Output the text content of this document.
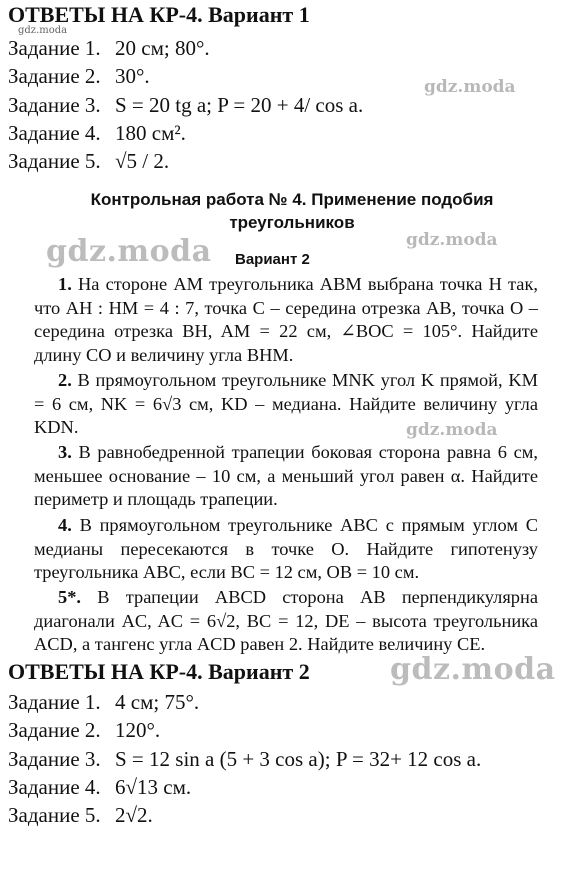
ОТВЕТЫ НА КР-4. Вариант 1
Задание 1. 20 см; 80°.
Задание 2. 30°.
Задание 3. S = 20 tg a; P = 20 + 4/ cos a.
Задание 4. 180 см².
Задание 5. √5 / 2.
Контрольная работа № 4. Применение подобия
треугольников
Вариант 2
1. На стороне AM треугольника ABM выбрана точка H так, что AH : HM = 4 : 7, точка C – середина отрезка AB, точка O – середина отрезка BH, AM = 22 см, ∠BOC = 105°. Найдите длину CO и величину угла BHM.
2. В прямоугольном треугольнике MNK угол K прямой, KM = 6 см, NK = 6√3 см, KD – медиана. Найдите величину угла KDN.
3. В равнобедренной трапеции боковая сторона равна 6 см, меньшее основание – 10 см, а меньший угол равен α. Найдите периметр и площадь трапеции.
4. В прямоугольном треугольнике ABC с прямым углом C медианы пересекаются в точке O. Найдите гипотенузу треугольника ABC, если BC = 12 см, OB = 10 см.
5*. В трапеции ABCD сторона AB перпендикулярна диагонали AC, AC = 6√2, BC = 12, DE – высота треугольника ACD, а тангенс угла ACD равен 2. Найдите величину CE.
ОТВЕТЫ НА КР-4. Вариант 2
Задание 1. 4 см; 75°.
Задание 2. 120°.
Задание 3. S = 12 sin a (5 + 3 cos a); P = 32+ 12 cos a.
Задание 4. 6√13 см.
Задание 5. 2√2.
gdz.moda
gdz.moda
gdz.moda	gdz.moda
gdz.moda
gdz.moda
